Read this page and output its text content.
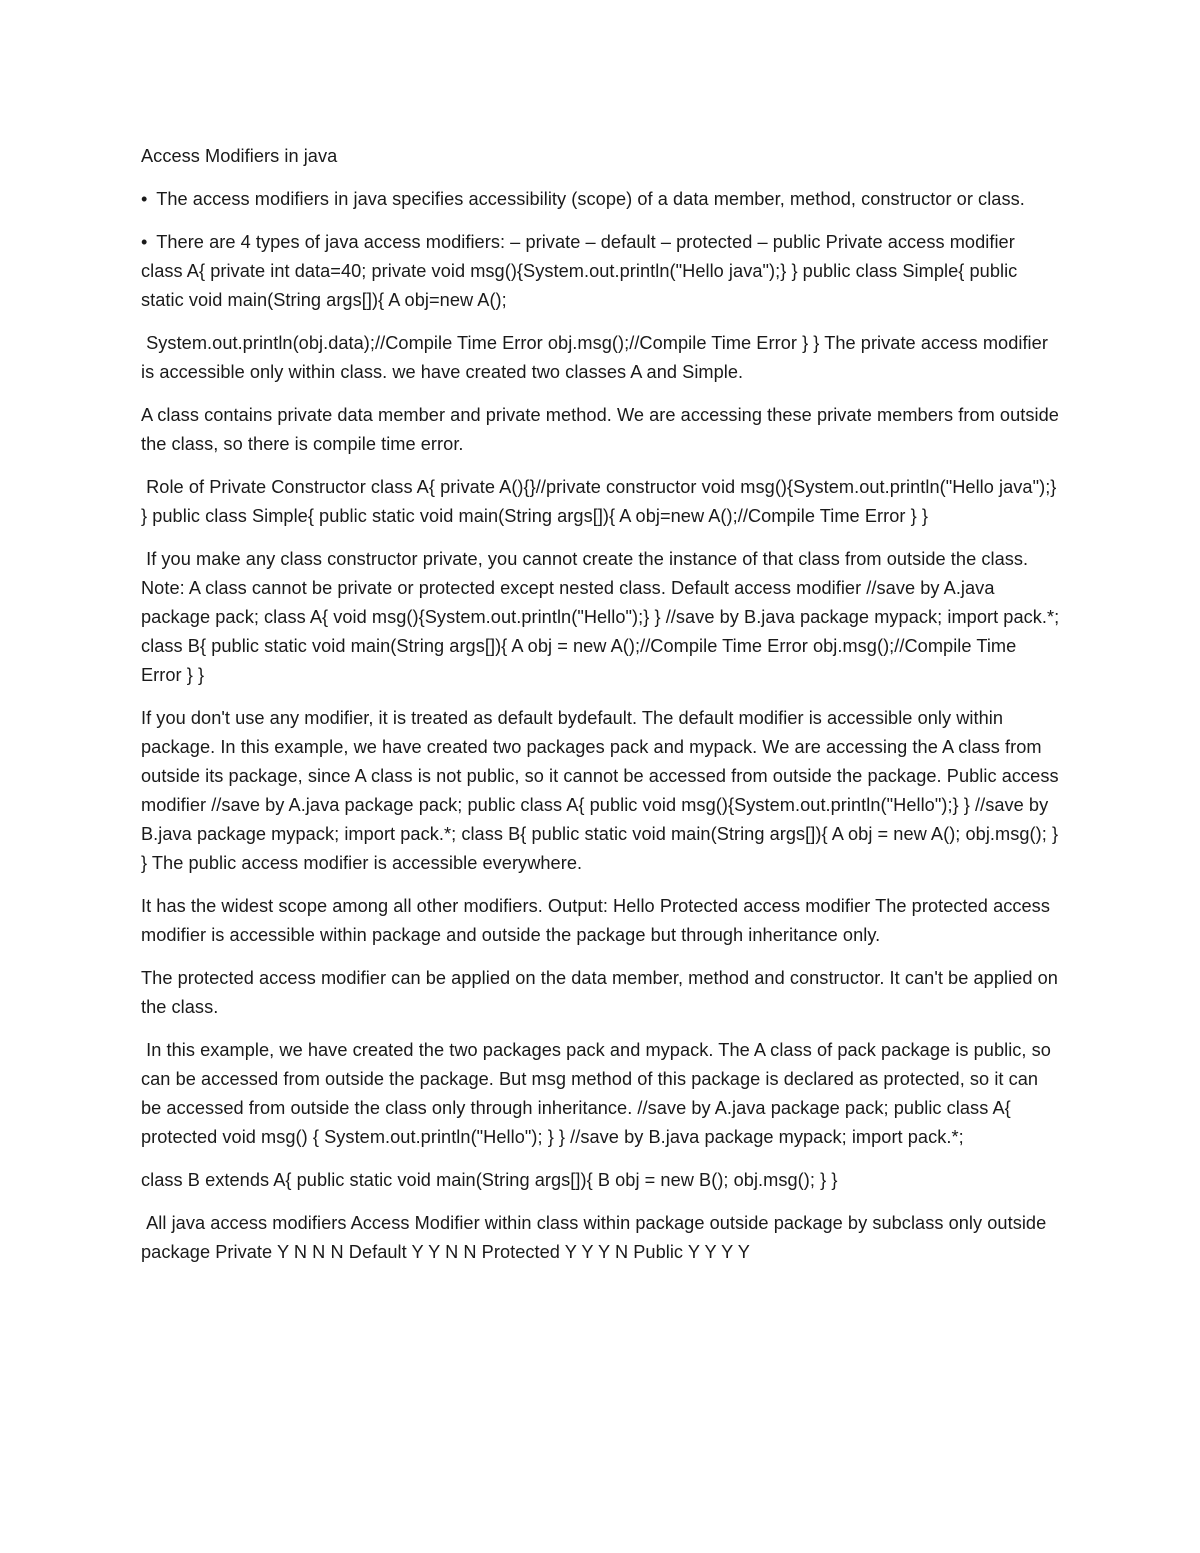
Access Modifiers in java

• The access modifiers in java specifies accessibility (scope) of a data member, method, constructor or class.

• There are 4 types of java access modifiers: – private – default – protected – public Private access modifier class A{ private int data=40; private void msg(){System.out.println("Hello java");} } public class Simple{ public static void main(String args[]){ A obj=new A();

System.out.println(obj.data);//Compile Time Error obj.msg();//Compile Time Error } } The private access modifier is accessible only within class. we have created two classes A and Simple.

A class contains private data member and private method. We are accessing these private members from outside the class, so there is compile time error.

Role of Private Constructor class A{ private A(){}//private constructor void msg(){System.out.println("Hello java");} } public class Simple{ public static void main(String args[]){ A obj=new A();//Compile Time Error } }

If you make any class constructor private, you cannot create the instance of that class from outside the class. Note: A class cannot be private or protected except nested class. Default access modifier //save by A.java package pack; class A{ void msg(){System.out.println("Hello");} } //save by B.java package mypack; import pack.*; class B{ public static void main(String args[]){ A obj = new A();//Compile Time Error obj.msg();//Compile Time Error } }

If you don't use any modifier, it is treated as default bydefault. The default modifier is accessible only within package. In this example, we have created two packages pack and mypack. We are accessing the A class from outside its package, since A class is not public, so it cannot be accessed from outside the package. Public access modifier //save by A.java package pack; public class A{ public void msg(){System.out.println("Hello");} } //save by B.java package mypack; import pack.*; class B{ public static void main(String args[]){ A obj = new A(); obj.msg(); } } The public access modifier is accessible everywhere.

It has the widest scope among all other modifiers. Output: Hello Protected access modifier The protected access modifier is accessible within package and outside the package but through inheritance only.

The protected access modifier can be applied on the data member, method and constructor. It can't be applied on the class.

In this example, we have created the two packages pack and mypack. The A class of pack package is public, so can be accessed from outside the package. But msg method of this package is declared as protected, so it can be accessed from outside the class only through inheritance. //save by A.java package pack; public class A{ protected void msg() { System.out.println("Hello"); } } //save by B.java package mypack; import pack.*;

class B extends A{ public static void main(String args[]){ B obj = new B(); obj.msg(); } }

All java access modifiers Access Modifier within class within package outside package by subclass only outside package Private Y N N N Default Y Y N N Protected Y Y Y N Public Y Y Y Y
